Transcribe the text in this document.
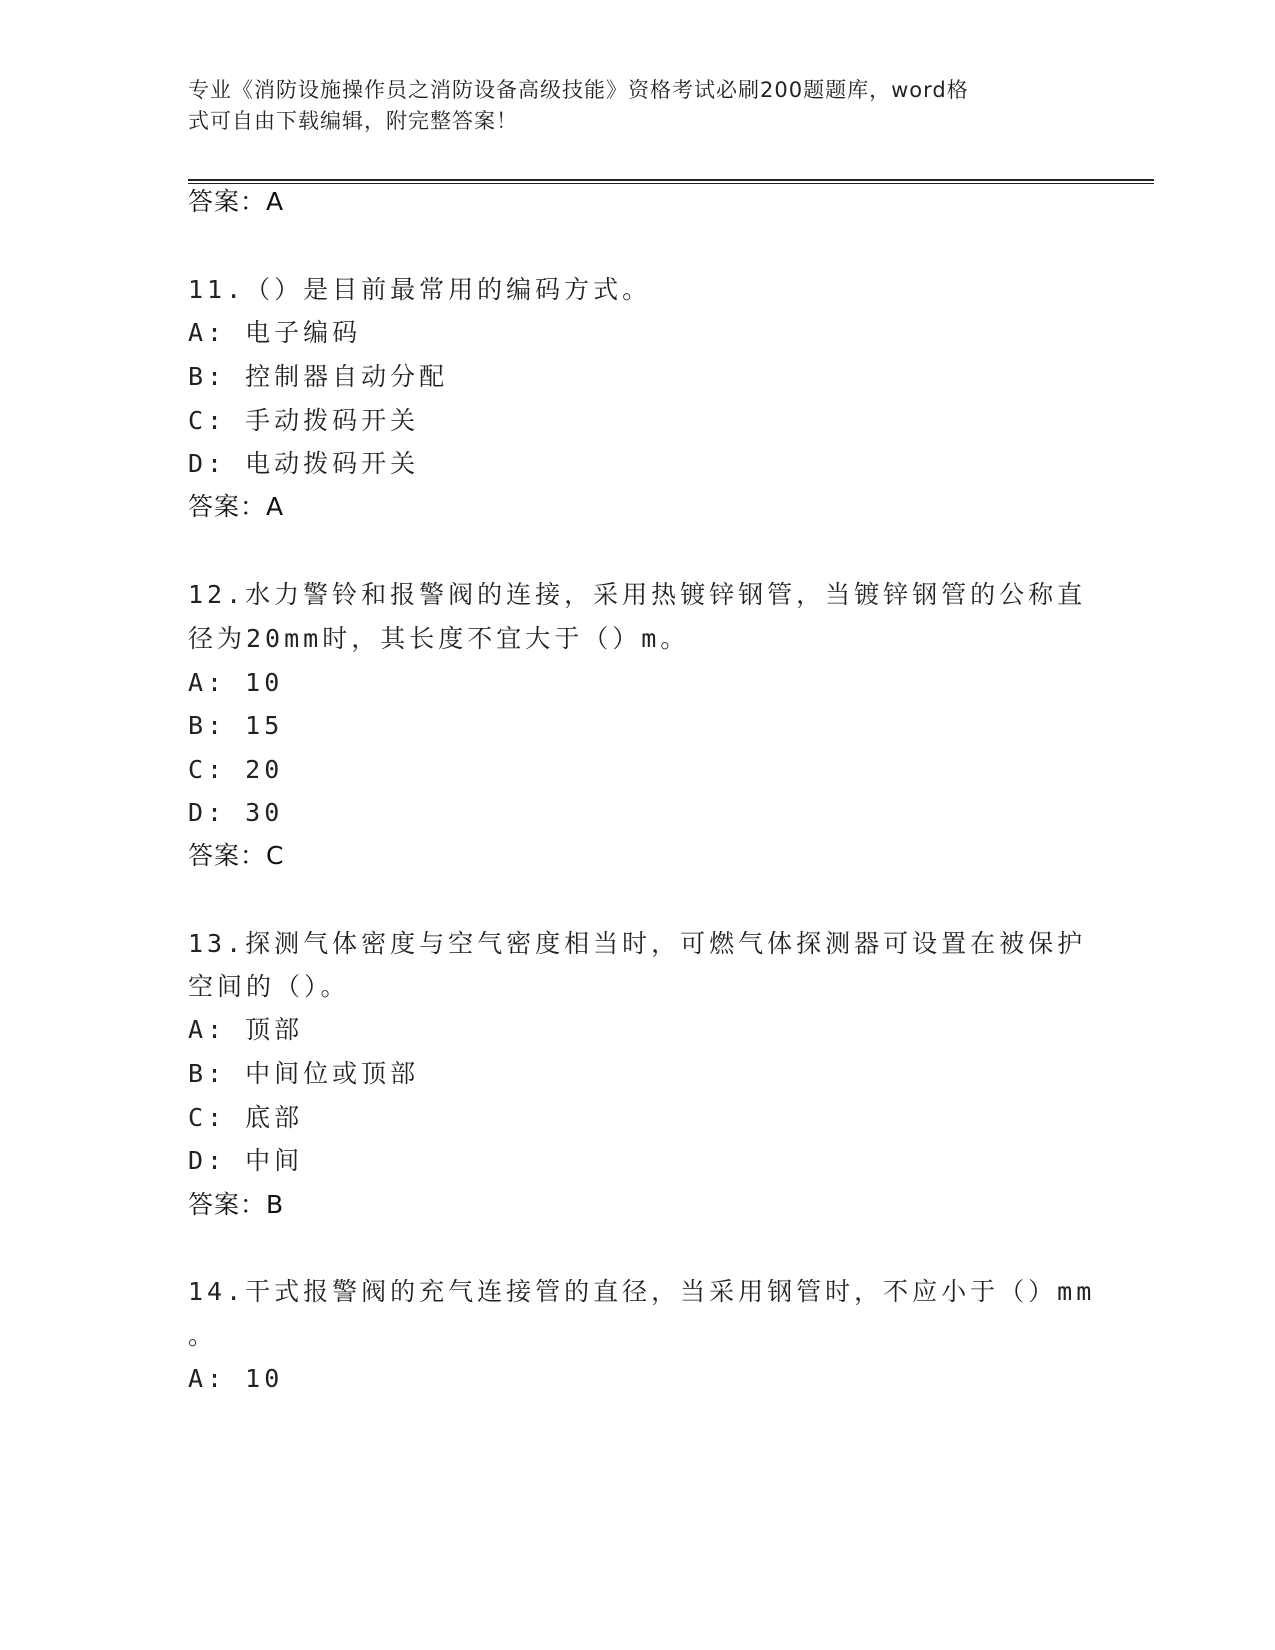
专业《消防设施操作员之消防设备高级技能》资格考试必刷200题题库，word格
式可自由下载编辑，附完整答案！
答案：A
11.（）是目前最常用的编码方式。
A: 电子编码
B: 控制器自动分配
C: 手动拨码开关
D: 电动拨码开关
答案：A
12.水力警铃和报警阀的连接，采用热镀锌钢管，当镀锌钢管的公称直
径为20mm时，其长度不宜大于（）m。
A: 10
B: 15
C: 20
D: 30
答案：C
13.探测气体密度与空气密度相当时，可燃气体探测器可设置在被保护
空间的（）。
A: 顶部
B: 中间位或顶部
C: 底部
D: 中间
答案：B
14.干式报警阀的充气连接管的直径，当采用钢管时，不应小于（）mm
。
A: 10
